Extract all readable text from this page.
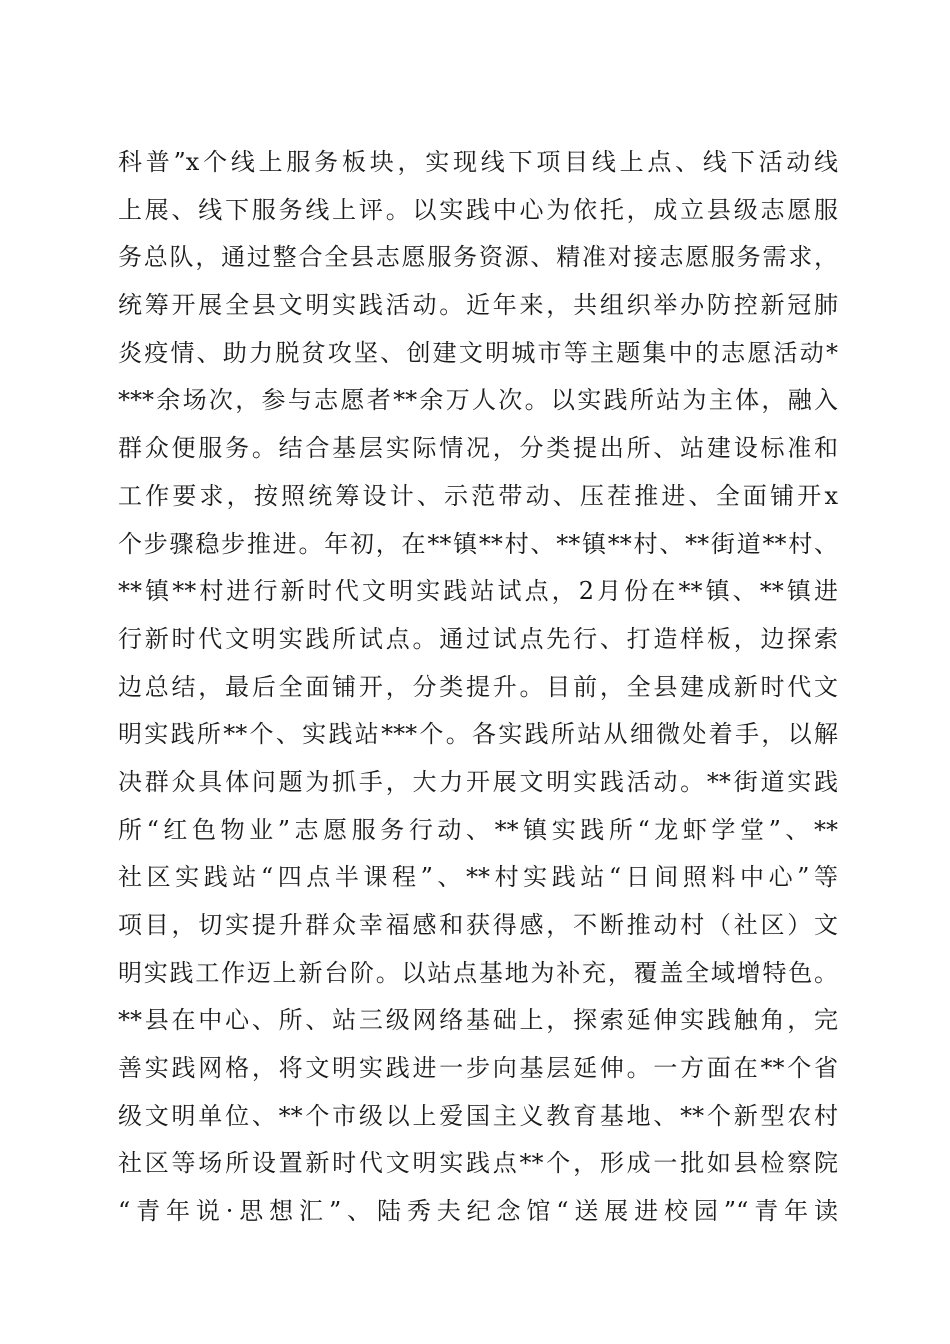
科普”x个线上服务板块，实现线下项目线上点、线下活动线
上展、线下服务线上评。以实践中心为依托，成立县级志愿服
务总队，通过整合全县志愿服务资源、精准对接志愿服务需求，
统筹开展全县文明实践活动。近年来，共组织举办防控新冠肺
炎疫情、助力脱贫攻坚、创建文明城市等主题集中的志愿活动*
***余场次，参与志愿者**余万人次。以实践所站为主体，融入
群众便服务。结合基层实际情况，分类提出所、站建设标准和
工作要求，按照统筹设计、示范带动、压茬推进、全面铺开x
个步骤稳步推进。年初，在**镇**村、**镇**村、**街道**村、
**镇**村进行新时代文明实践站试点，2月份在**镇、**镇进
行新时代文明实践所试点。通过试点先行、打造样板，边探索
边总结，最后全面铺开，分类提升。目前，全县建成新时代文
明实践所**个、实践站***个。各实践所站从细微处着手，以解
决群众具体问题为抓手，大力开展文明实践活动。**街道实践
所“红色物业”志愿服务行动、**镇实践所“龙虾学堂”、**
社区实践站“四点半课程”、**村实践站“日间照料中心”等
项目，切实提升群众幸福感和获得感，不断推动村（社区）文
明实践工作迈上新台阶。以站点基地为补充，覆盖全域增特色。
**县在中心、所、站三级网络基础上，探索延伸实践触角，完
善实践网格，将文明实践进一步向基层延伸。一方面在**个省
级文明单位、**个市级以上爱国主义教育基地、**个新型农村
社区等场所设置新时代文明实践点**个，形成一批如县检察院
“青年说·思想汇”、陆秀夫纪念馆“送展进校园”“青年读
